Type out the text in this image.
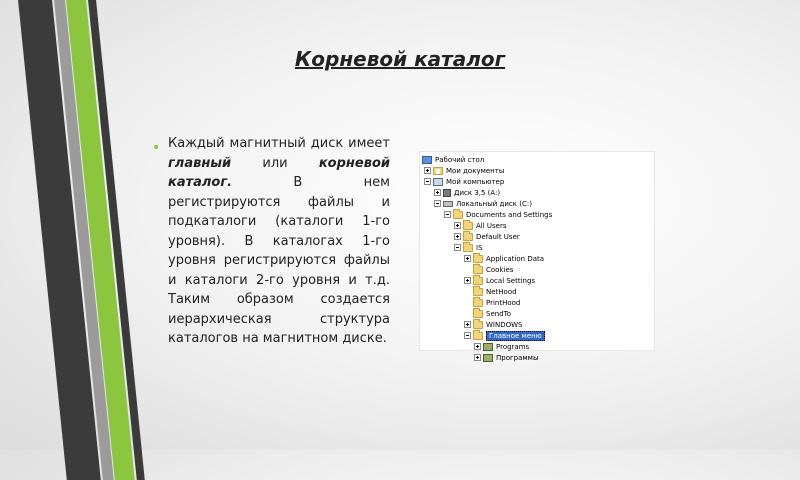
Корневой каталог
• Каждый магнитный диск имеет главный или корневой каталог. В нем регистрируются файлы и подкаталоги (каталоги 1-го уровня). В каталогах 1-го уровня регистрируются файлы и каталоги 2-го уровня и т.д. Таким образом создается иерархическая структура каталогов на магнитном диске.
Рабочий стол
Мои документы
Мой компьютер
Диск 3,5 (A:)
Локальный диск (C:)
Documents and Settings
All Users
Default User
IS
Application Data
Cookies
Local Settings
NetHood
PrintHood
SendTo
WINDOWS
Главное меню
Programs
Программы
